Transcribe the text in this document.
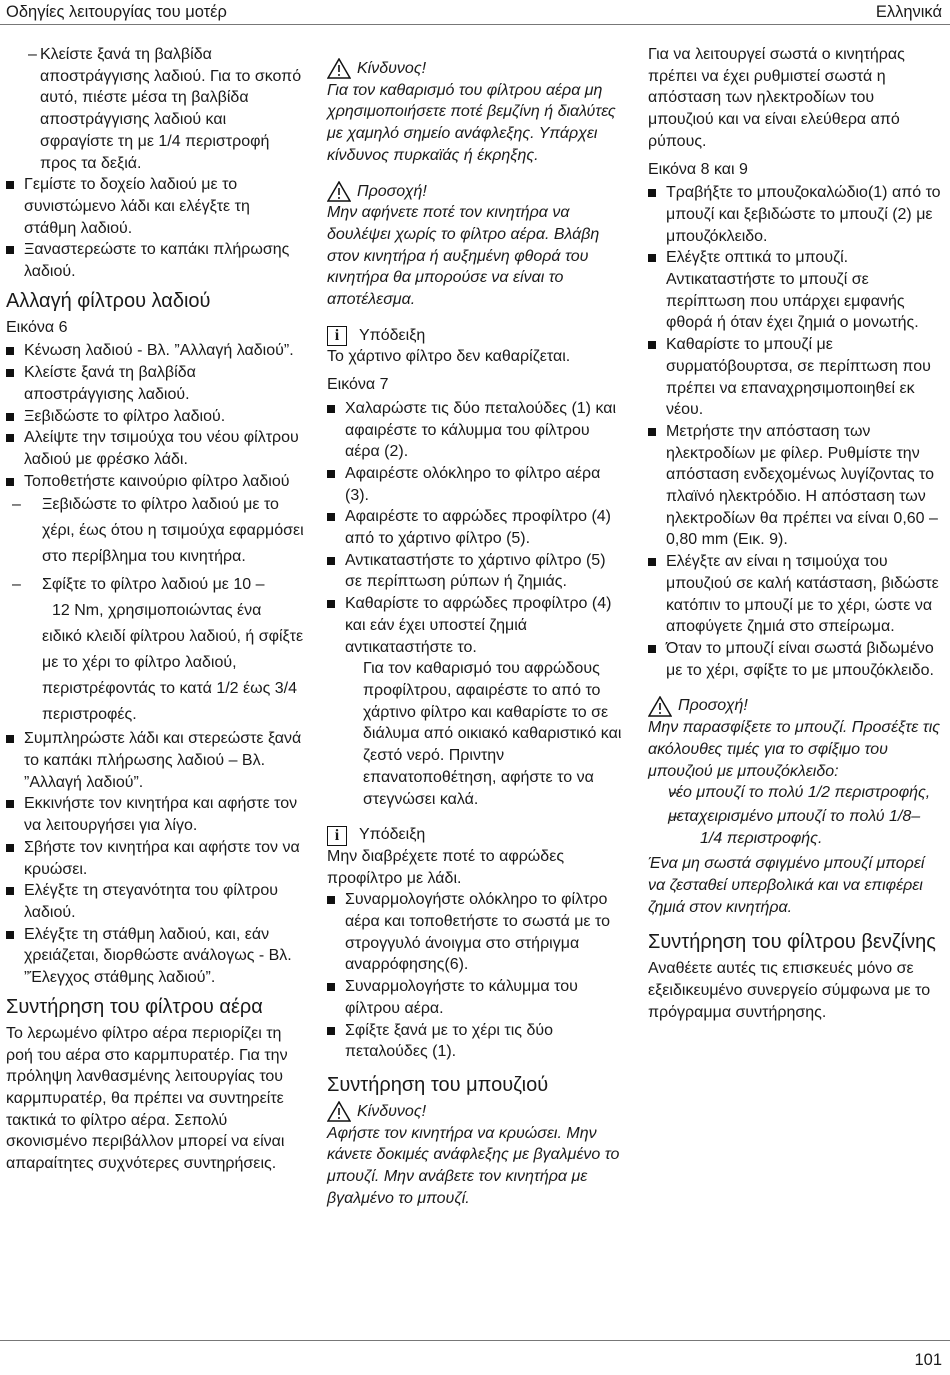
Οδηγίες λειτουργίας του μοτέρ	Ελληνικά

– Κλείστε ξανά τη βαλβίδα αποστράγγισης λαδιού. Για το σκοπό αυτό, πιέστε μέσα τη βαλβίδα αποστράγγισης λαδιού και σφραγίστε τη με 1/4 περιστροφή προς τα δεξιά.

Γεμίστε το δοχείο λαδιού με το συνιστώμενο λάδι και ελέγξτε τη στάθμη λαδιού.

Ξαναστερεώστε το καπάκι πλήρωσης λαδιού.

Αλλαγή φίλτρου λαδιού

Εικόνα 6

Κένωση λαδιού - Βλ. ”Αλλαγή λαδιού”.

Κλείστε ξανά τη βαλβίδα αποστράγγισης λαδιού.

Ξεβιδώστε το φίλτρο λαδιού.

Αλείψτε την τσιμούχα του νέου φίλτρου λαδιού με φρέσκο λάδι.

Τοποθετήστε καινούριο φίλτρο λαδιού

– Ξεβιδώστε το φίλτρο λαδιού με το χέρι, έως ότου η τσιμούχα εφαρμόσει στο περίβλημα του κινητήρα.

– Σφίξτε το φίλτρο λαδιού με 10 –

12 Nm, χρησιμοποιώντας ένα ειδικό κλειδί φίλτρου λαδιού, ή σφίξτε με το χέρι το φίλτρο λαδιού, περιστρέφοντάς το κατά 1/2 έως 3/4 περιστροφές.

Συμπληρώστε λάδι και στερεώστε ξανά το καπάκι πλήρωσης λαδιού – Βλ. ”Αλλαγή λαδιού”.

Εκκινήστε τον κινητήρα και αφήστε τον να λειτουργήσει για λίγο.

Σβήστε τον κινητήρα και αφήστε τον να κρυώσει.

Ελέγξτε τη στεγανότητα του φίλτρου λαδιού.

Ελέγξτε τη στάθμη λαδιού, και, εάν χρειάζεται, διορθώστε ανάλογως - Βλ. ”Έλεγχος στάθμης λαδιού”.

Συντήρηση του φίλτρου αέρα

Το λερωμένο φίλτρο αέρα περιορίζει τη ροή του αέρα στο καρμπυρατέρ. Για την πρόληψη λανθασμένης λειτουργίας του καρμπυρατέρ, θα πρέπει να συντηρείτε τακτικά το φίλτρο αέρα. Σεπολύ σκονισμένο περιβάλλον μπορεί να είναι απαραίτητες συχνότερες συντηρήσεις.

Κίνδυνος!

Για τον καθαρισμό του φίλτρου αέρα μη χρησιμοποιήσετε ποτέ βεμζίνη ή διαλύτες με χαμηλό σημείο ανάφλεξης. Υπάρχει κίνδυνος πυρκαϊάς ή έκρηξης.

Προσοχή!

Μην αφήνετε ποτέ τον κινητήρα να δουλέψει χωρίς το φίλτρο αέρα. Βλάβη στον κινητήρα ή αυξημένη φθορά του κινητήρα θα μπορούσε να είναι το αποτέλεσμα.

i	Υπόδειξη

Το χάρτινο φίλτρο δεν καθαρίζεται.

Εικόνα 7

Χαλαρώστε τις δύο πεταλούδες (1) και αφαιρέστε το κάλυμμα του φίλτρου αέρα (2).

Αφαιρέστε ολόκληρο το φίλτρο αέρα (3).

Αφαιρέστε το αφρώδες προφίλτρο (4) από το χάρτινο φίλτρο (5).

Αντικαταστήστε το χάρτινο φίλτρο (5) σε περίπτωση ρύπων ή ζημιάς.

Καθαρίστε το αφρώδες προφίλτρο (4) και εάν έχει υποστεί ζημιά αντικαταστήστε το.

Για τον καθαρισμό του αφρώδους προφίλτρου, αφαιρέστε το από το χάρτινο φίλτρο και καθαρίστε το σε διάλυμα από οικιακό καθαριστικό και ζεστό νερό. Πριντην επανατοποθέτηση, αφήστε το να στεγνώσει καλά.

i	Υπόδειξη

Μην διαβρέχετε ποτέ το αφρώδες προφίλτρο με λάδι.

Συναρμολογήστε ολόκληρο το φίλτρο αέρα και τοποθετήστε το σωστά με το στρογγυλό άνοιγμα στο στήριγμα αναρρόφησης(6).

Συναρμολογήστε το κάλυμμα του φίλτρου αέρα.

Σφίξτε ξανά με το χέρι τις δύο πεταλούδες (1).

Συντήρηση του μπουζιού

Κίνδυνος!

Αφήστε τον κινητήρα να κρυώσει. Μην κάνετε δοκιμές ανάφλεξης με βγαλμένο το μπουζί. Μην ανάβετε τον κινητήρα με βγαλμένο το μπουζί.

Για να λειτουργεί σωστά ο κινητήρας πρέπει να έχει ρυθμιστεί σωστά η απόσταση των ηλεκτροδίων του μπουζιού και να είναι ελεύθερα από ρύπους.

Εικόνα 8 και 9

Τραβήξτε το μπουζοκαλώδιο(1) από το μπουζί και ξεβιδώστε το μπουζί (2) με μπουζόκλειδο.

Ελέγξτε οπτικά το μπουζί. Αντικαταστήστε το μπουζί σε περίπτωση που υπάρχει εμφανής φθορά ή όταν έχει ζημιά ο μονωτής.

Καθαρίστε το μπουζί με συρματόβουρτσα, σε περίπτωση που πρέπει να επαναχρησιμοποιηθεί εκ νέου.

Μετρήστε την απόσταση των ηλεκτροδίων με φίλερ. Ρυθμίστε την απόσταση ενδεχομένως λυγίζοντας το πλαϊνό ηλεκτρόδιο. Η απόσταση των ηλεκτροδίων θα πρέπει να είναι 0,60 – 0,80 mm (Εικ. 9).

Ελέγξτε αν είναι η τσιμούχα του μπουζιού σε καλή κατάσταση, βιδώστε κατόπιν το μπουζί με το χέρι, ώστε να αποφύγετε ζημιά στο σπείρωμα.

Όταν το μπουζί είναι σωστά βιδωμένο με το χέρι, σφίξτε το με μπουζόκλειδο.

Προσοχή!

Μην παρασφίξετε το μπουζί. Προσέξτε τις ακόλουθες τιμές για το σφίξιμο του μπουζιού με μπουζόκλειδο:

– νέο μπουζί το πολύ 1/2 περιστροφής,

– μεταχειρισμένο μπουζί το πολύ 1/8–

1/4 περιστροφής.

Ένα μη σωστά σφιγμένο μπουζί μπορεί να ζεσταθεί υπερβολικά και να επιφέρει ζημιά στον κινητήρα.

Συντήρηση του φίλτρου βενζίνης

Αναθέετε αυτές τις επισκευές μόνο σε εξειδικευμένο συνεργείο σύμφωνα με το πρόγραμμα συντήρησης.

101
